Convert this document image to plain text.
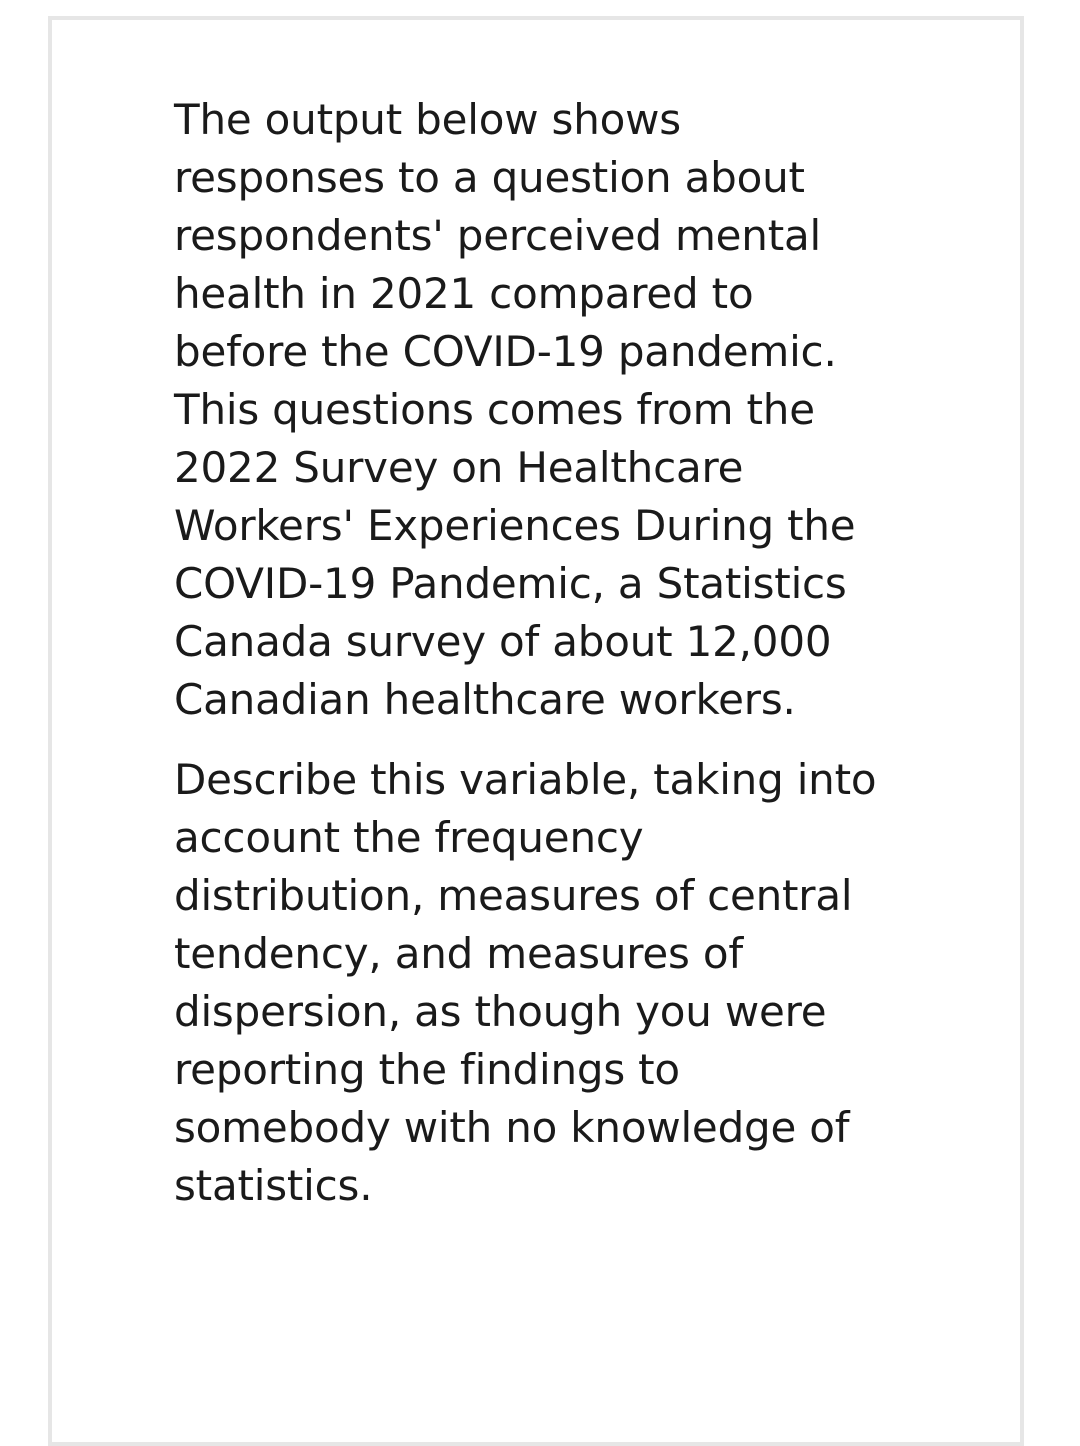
The output below shows
responses to a question about
respondents' perceived mental
health in 2021 compared to
before the COVID-19 pandemic.
This questions comes from the
2022 Survey on Healthcare
Workers' Experiences During the
COVID-19 Pandemic, a Statistics
Canada survey of about 12,000
Canadian healthcare workers.

Describe this variable, taking into
account the frequency
distribution, measures of central
tendency, and measures of
dispersion, as though you were
reporting the findings to
somebody with no knowledge of
statistics.
